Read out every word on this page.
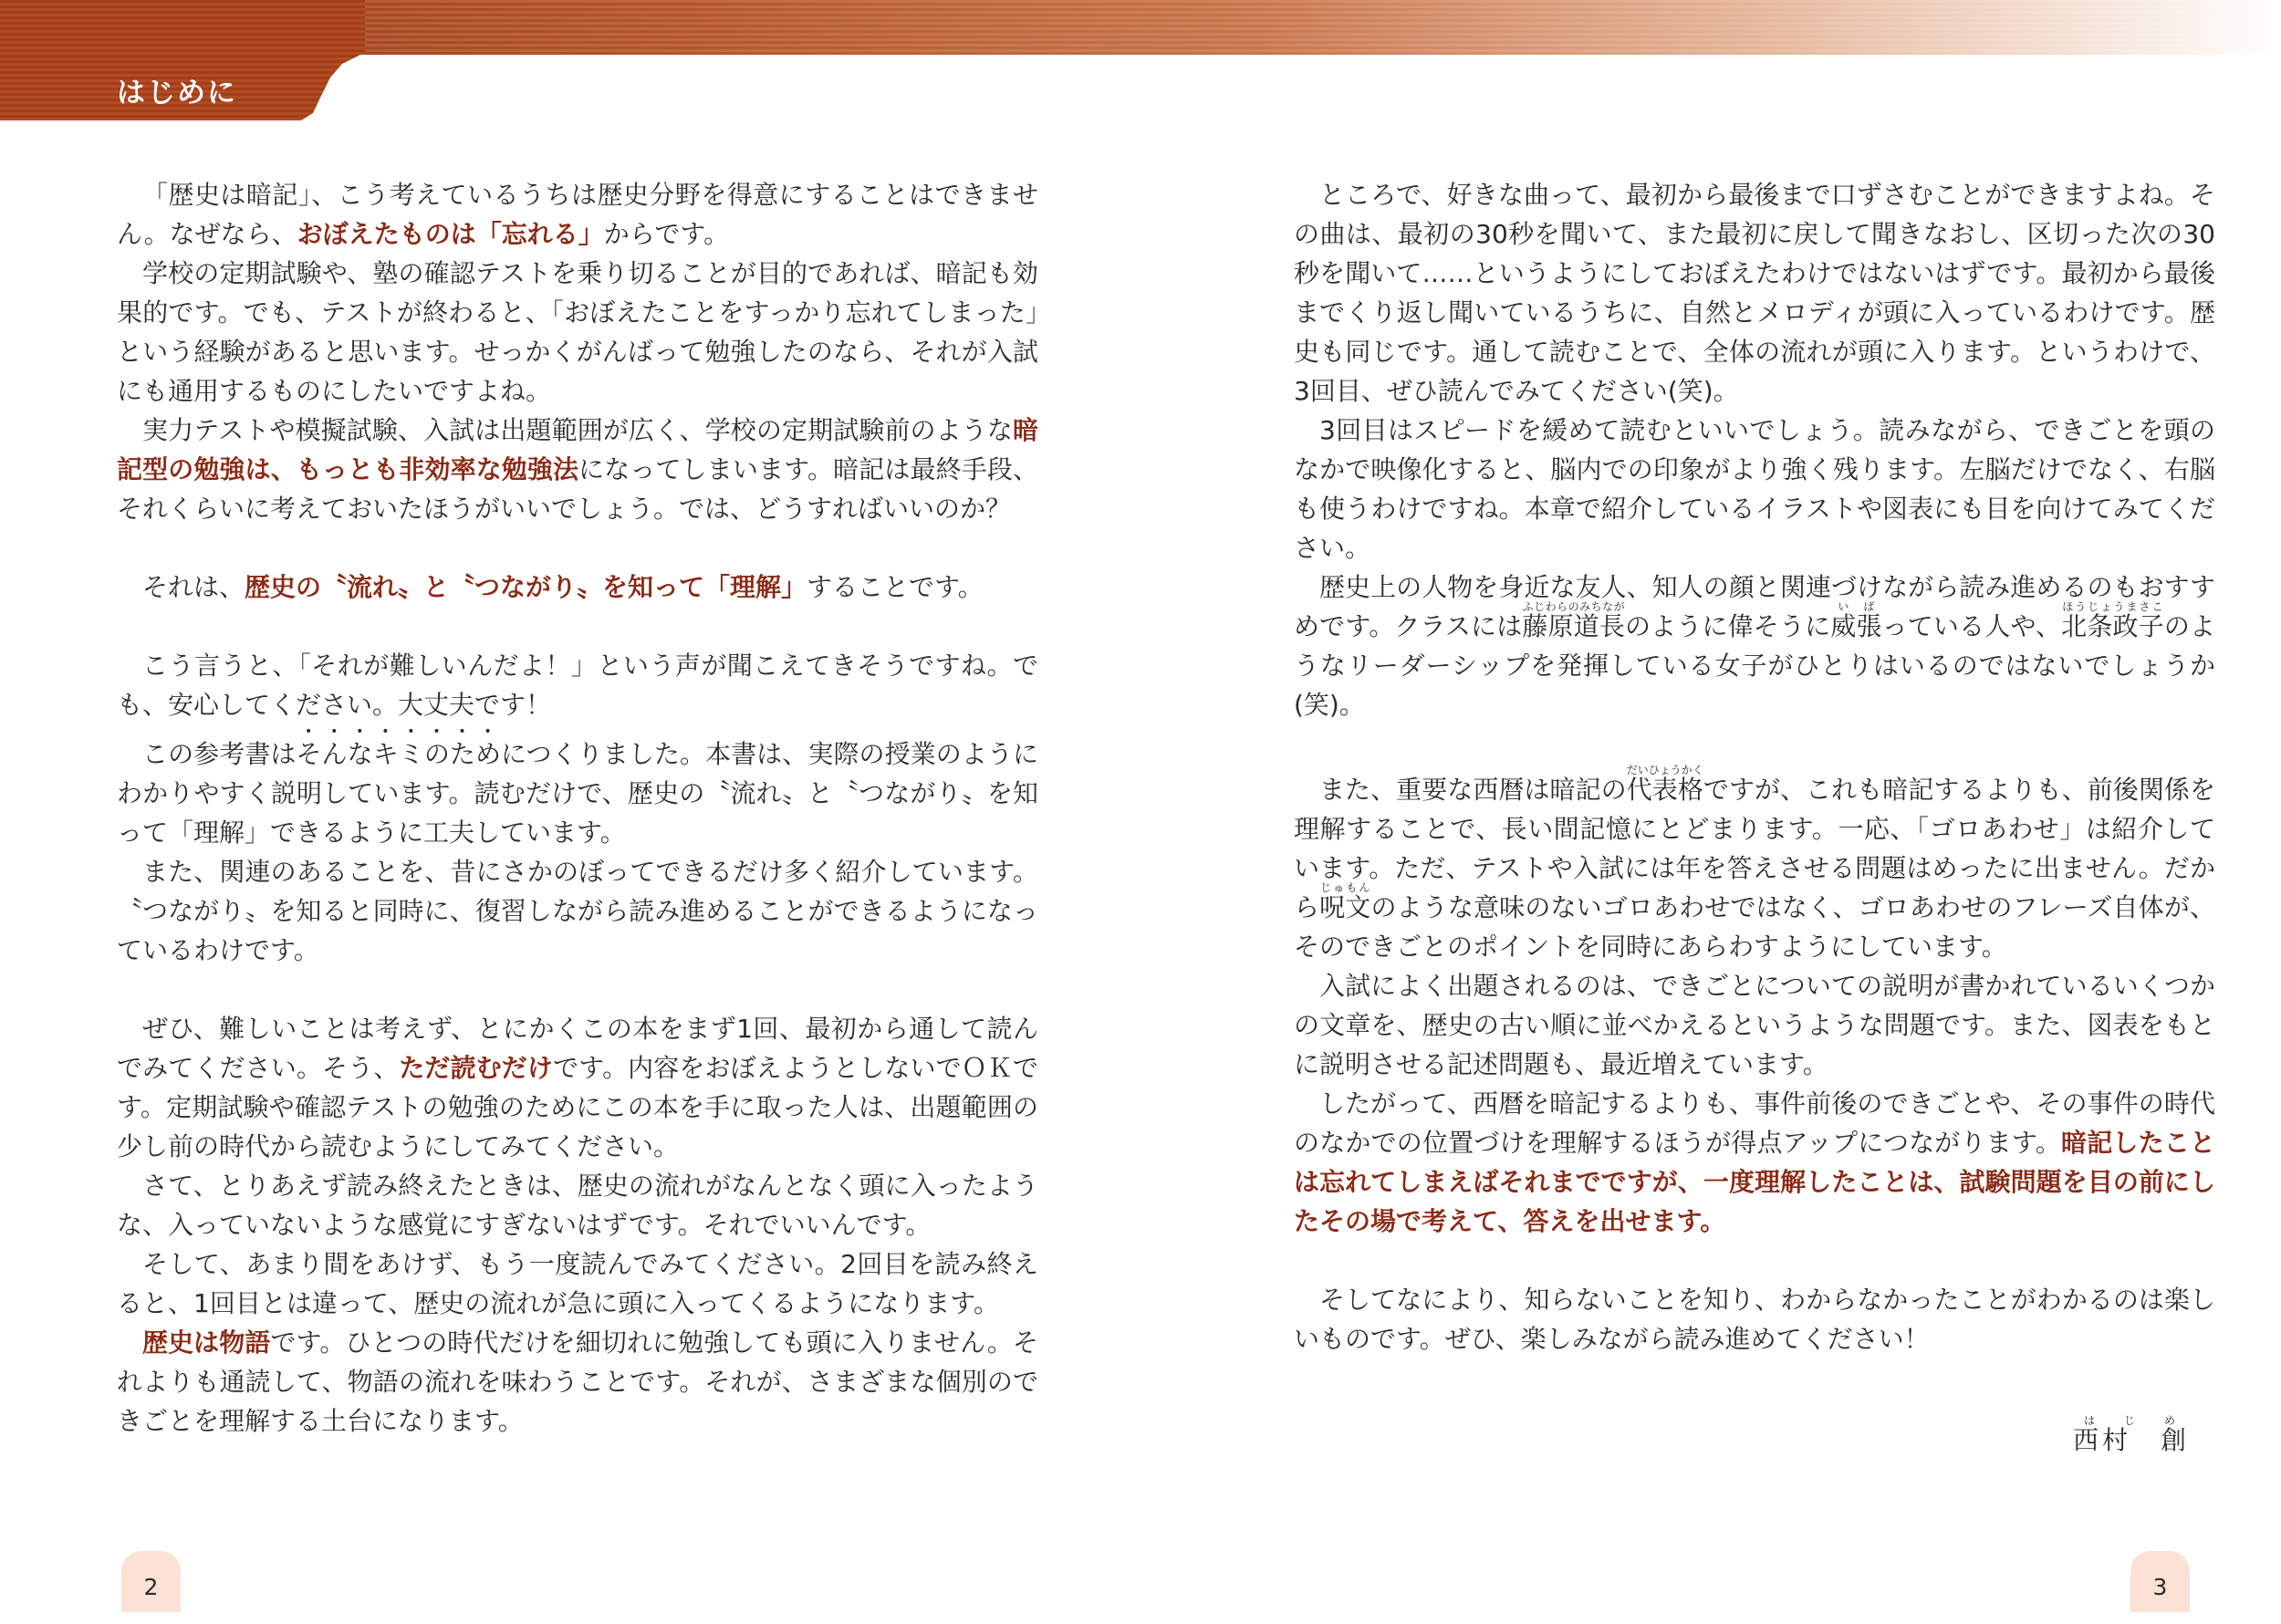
はじめに

「歴史は暗記」、こう考えているうちは歴史分野を得意にすることはできません。なぜなら、おぼえたものは「忘れる」からです。

学校の定期試験や、塾の確認テストを乗り切ることが目的であれば、暗記も効果的です。でも、テストが終わると、「おぼえたことをすっかり忘れてしまった」という経験があると思います。せっかくがんばって勉強したのなら、それが入試にも通用するものにしたいですよね。

実力テストや模擬試験、入試は出題範囲が広く、学校の定期試験前のような暗記型の勉強は、もっとも非効率な勉強法になってしまいます。暗記は最終手段、それくらいに考えておいたほうがいいでしょう。では、どうすればいいのか？

それは、歴史の〝流れ〟と〝つながり〟を知って「理解」することです。

こう言うと、「それが難しいんだよ！」という声が聞こえてきそうですね。でも、安心してください。大丈夫です！

この参考書はそんなキミのためにつくりました。本書は、実際の授業のようにわかりやすく説明しています。読むだけで、歴史の〝流れ〟と〝つながり〟を知って「理解」できるように工夫しています。

また、関連のあることを、昔にさかのぼってできるだけ多く紹介しています。〝つながり〟を知ると同時に、復習しながら読み進めることができるようになっているわけです。

ぜひ、難しいことは考えず、とにかくこの本をまず1回、最初から通して読んでみてください。そう、ただ読むだけです。内容をおぼえようとしないでＯＫです。定期試験や確認テストの勉強のためにこの本を手に取った人は、出題範囲の少し前の時代から読むようにしてみてください。

さて、とりあえず読み終えたときは、歴史の流れがなんとなく頭に入ったような、入っていないような感覚にすぎないはずです。それでいいんです。

そして、あまり間をあけず、もう一度読んでみてください。2回目を読み終えると、1回目とは違って、歴史の流れが急に頭に入ってくるようになります。

歴史は物語です。ひとつの時代だけを細切れに勉強しても頭に入りません。それよりも通読して、物語の流れを味わうことです。それが、さまざまな個別のできごとを理解する土台になります。

ところで、好きな曲って、最初から最後まで口ずさむことができますよね。その曲は、最初の30秒を聞いて、また最初に戻して聞きなおし、区切った次の30秒を聞いて……というようにしておぼえたわけではないはずです。最初から最後までくり返し聞いているうちに、自然とメロディが頭に入っているわけです。歴史も同じです。通して読むことで、全体の流れが頭に入ります。というわけで、3回目、ぜひ読んでみてください(笑)。

3回目はスピードを緩めて読むといいでしょう。読みながら、できごとを頭のなかで映像化すると、脳内での印象がより強く残ります。左脳だけでなく、右脳も使うわけですね。本章で紹介しているイラストや図表にも目を向けてみてください。

歴史上の人物を身近な友人、知人の顔と関連づけながら読み進めるのもおすすめです。クラスには藤原道長ふじわらのみちながのように偉そうに威張いばっている人や、北条政子ほうじょうまさこのようなリーダーシップを発揮している女子がひとりはいるのではないでしょうか(笑)。

また、重要な西暦は暗記の代表格だいひょうかくですが、これも暗記するよりも、前後関係を理解することで、長い間記憶にとどまります。一応、「ゴロあわせ」は紹介しています。ただ、テストや入試には年を答えさせる問題はめったに出ません。だから呪文じゅもんのような意味のないゴロあわせではなく、ゴロあわせのフレーズ自体が、そのできごとのポイントを同時にあらわすようにしています。

入試によく出題されるのは、できごとについての説明が書かれているいくつかの文章を、歴史の古い順に並べかえるというような問題です。また、図表をもとに説明させる記述問題も、最近増えています。

したがって、西暦を暗記するよりも、事件前後のできごとや、その事件の時代のなかでの位置づけを理解するほうが得点アップにつながります。暗記したことは忘れてしまえばそれまでですが、一度理解したことは、試験問題を目の前にしたその場で考えて、答えを出せます。

そしてなにより、知らないことを知り、わからなかったことがわかるのは楽しいものです。ぜひ、楽しみながら読み進めてください！

西村　創はじめ
2	3
